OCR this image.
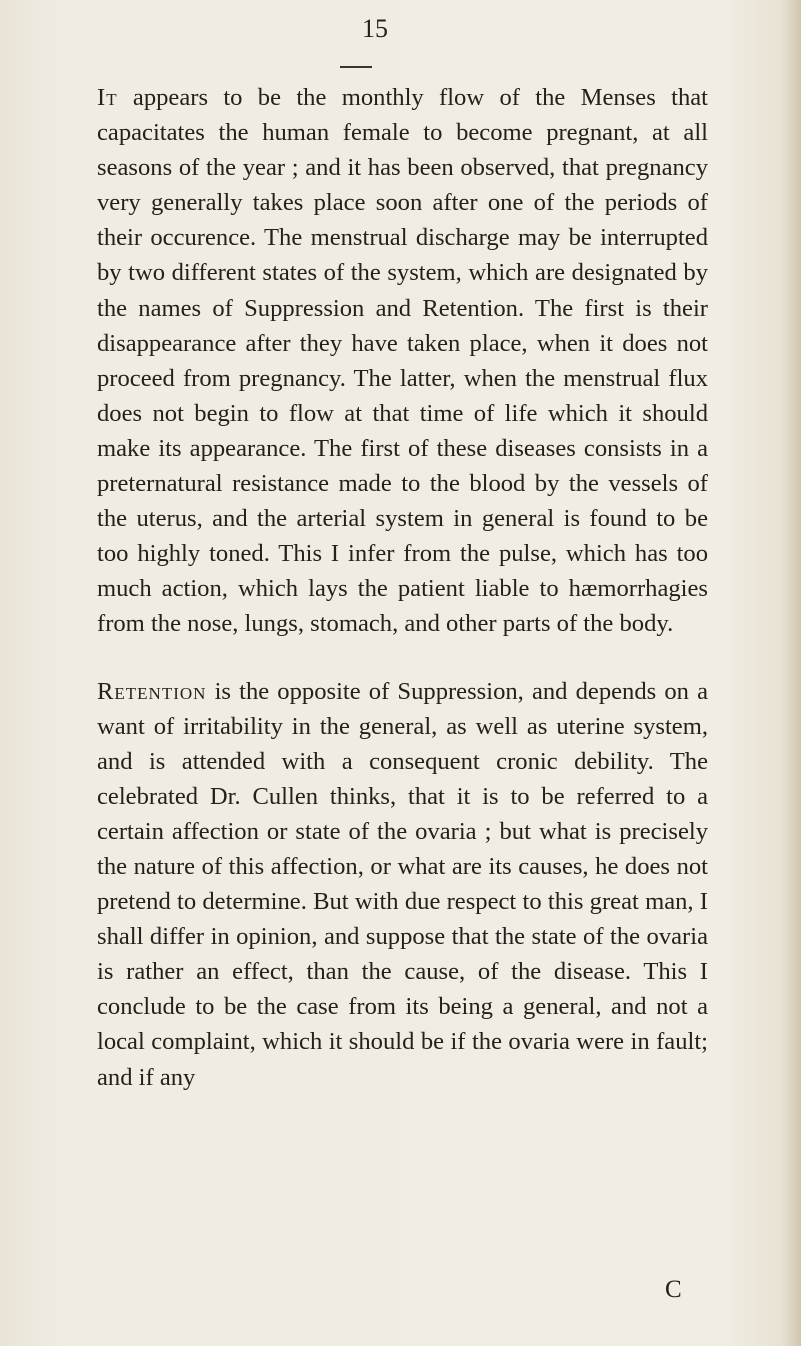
15

It appears to be the monthly flow of the Menses that capacitates the human female to become pregnant, at all seasons of the year ; and it has been observed, that pregnancy very generally takes place soon after one of the periods of their occurence. The menstrual discharge may be interrupted by two different states of the system, which are designated by the names of Suppression and Retention. The first is their disappearance after they have taken place, when it does not proceed from pregnancy. The latter, when the menstrual flux does not begin to flow at that time of life which it should make its appearance. The first of these diseases consists in a preternatural resistance made to the blood by the vessels of the uterus, and the arterial system in general is found to be too highly toned. This I infer from the pulse, which has too much action, which lays the patient liable to hæmorrhagies from the nose, lungs, stomach, and other parts of the body.

Retention is the opposite of Suppression, and depends on a want of irritability in the general, as well as uterine system, and is attended with a consequent cronic debility. The celebrated Dr. Cullen thinks, that it is to be referred to a certain affection or state of the ovaria ; but what is precisely the nature of this affection, or what are its causes, he does not pretend to determine. But with due respect to this great man, I shall differ in opinion, and suppose that the state of the ovaria is rather an effect, than the cause, of the disease. This I conclude to be the case from its being a general, and not a local complaint, which it should be if the ovaria were in fault; and if any

C
